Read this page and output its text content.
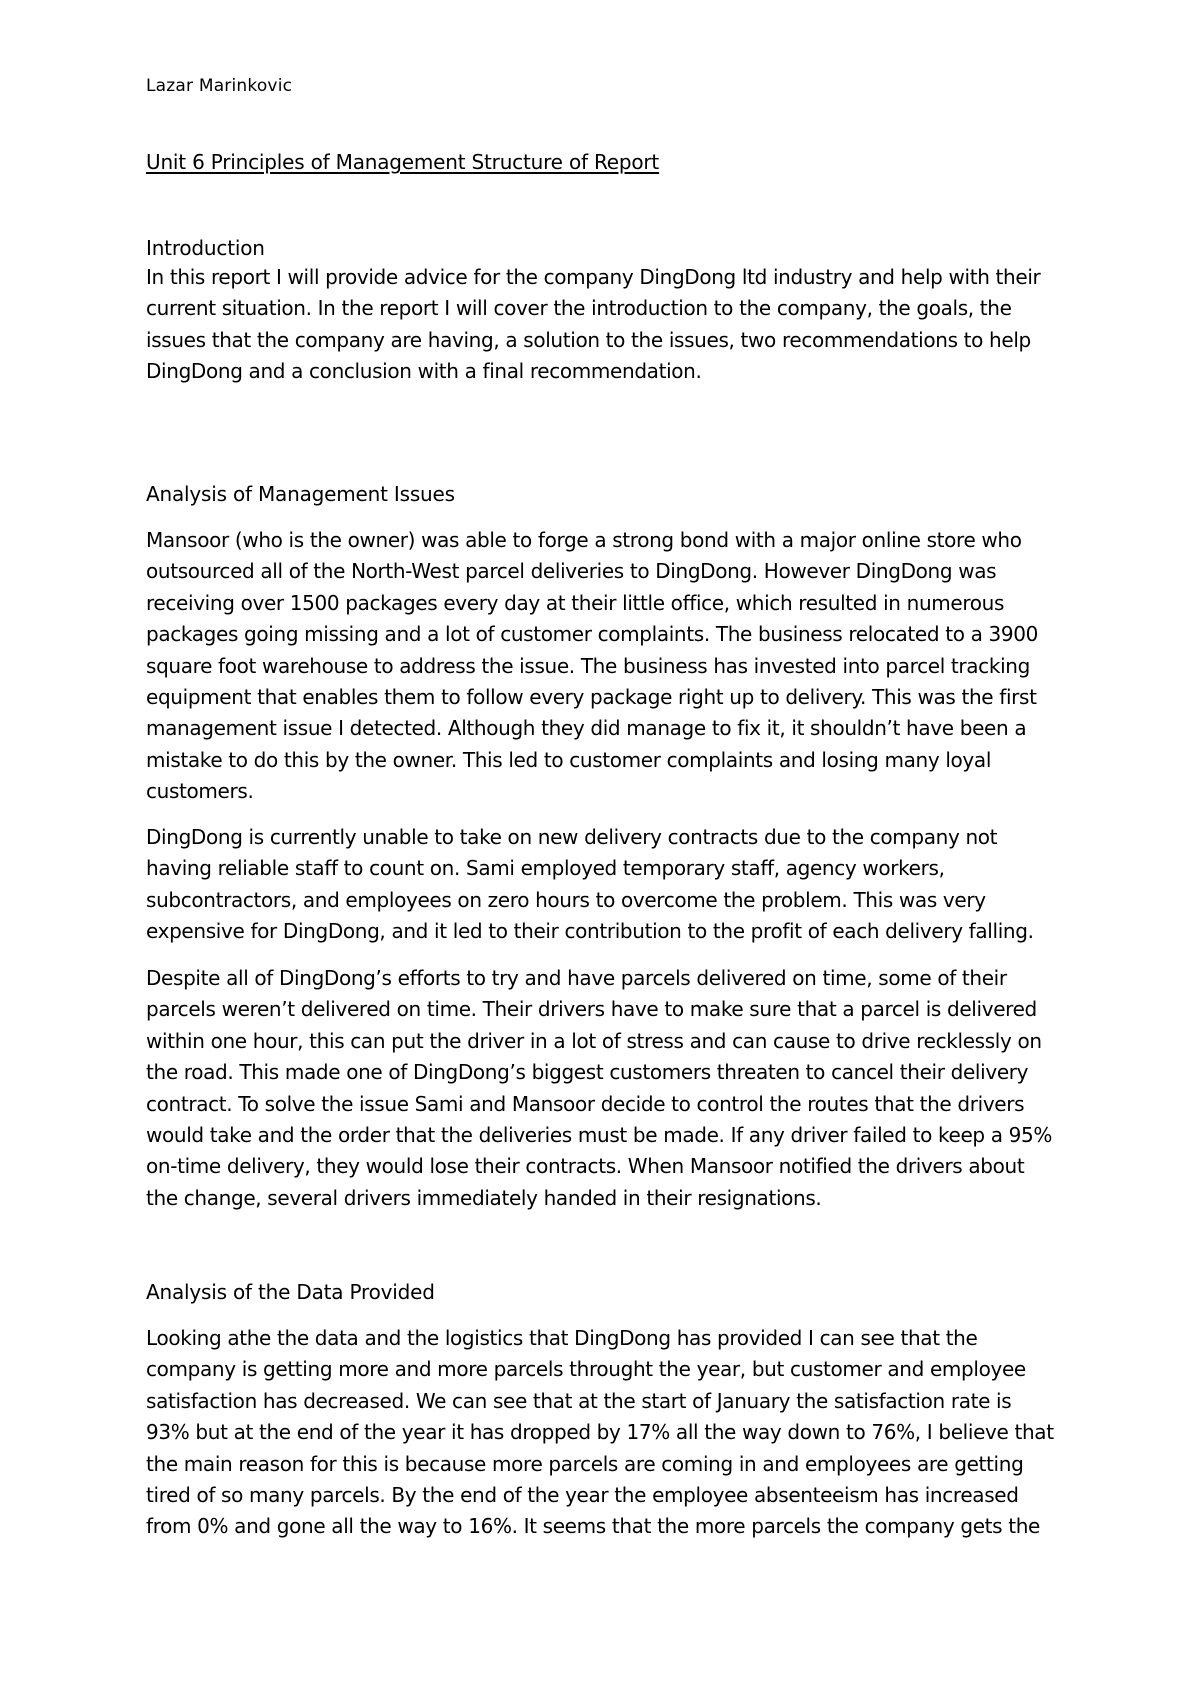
Lazar Marinkovic
Unit 6 Principles of Management Structure of Report
Introduction
In this report I will provide advice for the company DingDong ltd industry and help with their
current situation. In the report I will cover the introduction to the company, the goals, the
issues that the company are having, a solution to the issues, two recommendations to help
DingDong and a conclusion with a final recommendation.
Analysis of Management Issues
Mansoor (who is the owner) was able to forge a strong bond with a major online store who
outsourced all of the North-West parcel deliveries to DingDong. However DingDong was
receiving over 1500 packages every day at their little office, which resulted in numerous
packages going missing and a lot of customer complaints. The business relocated to a 3900
square foot warehouse to address the issue. The business has invested into parcel tracking
equipment that enables them to follow every package right up to delivery. This was the first
management issue I detected. Although they did manage to fix it, it shouldn’t have been a
mistake to do this by the owner. This led to customer complaints and losing many loyal
customers.
DingDong is currently unable to take on new delivery contracts due to the company not
having reliable staff to count on. Sami employed temporary staff, agency workers,
subcontractors, and employees on zero hours to overcome the problem. This was very
expensive for DingDong, and it led to their contribution to the profit of each delivery falling.
Despite all of DingDong’s efforts to try and have parcels delivered on time, some of their
parcels weren’t delivered on time. Their drivers have to make sure that a parcel is delivered
within one hour, this can put the driver in a lot of stress and can cause to drive recklessly on
the road. This made one of DingDong’s biggest customers threaten to cancel their delivery
contract. To solve the issue Sami and Mansoor decide to control the routes that the drivers
would take and the order that the deliveries must be made. If any driver failed to keep a 95%
on-time delivery, they would lose their contracts. When Mansoor notified the drivers about
the change, several drivers immediately handed in their resignations.
Analysis of the Data Provided
Looking athe the data and the logistics that DingDong has provided I can see that the
company is getting more and more parcels throught the year, but customer and employee
satisfaction has decreased. We can see that at the start of January the satisfaction rate is
93% but at the end of the year it has dropped by 17% all the way down to 76%, I believe that
the main reason for this is because more parcels are coming in and employees are getting
tired of so many parcels. By the end of the year the employee absenteeism has increased
from 0% and gone all the way to 16%. It seems that the more parcels the company gets the
